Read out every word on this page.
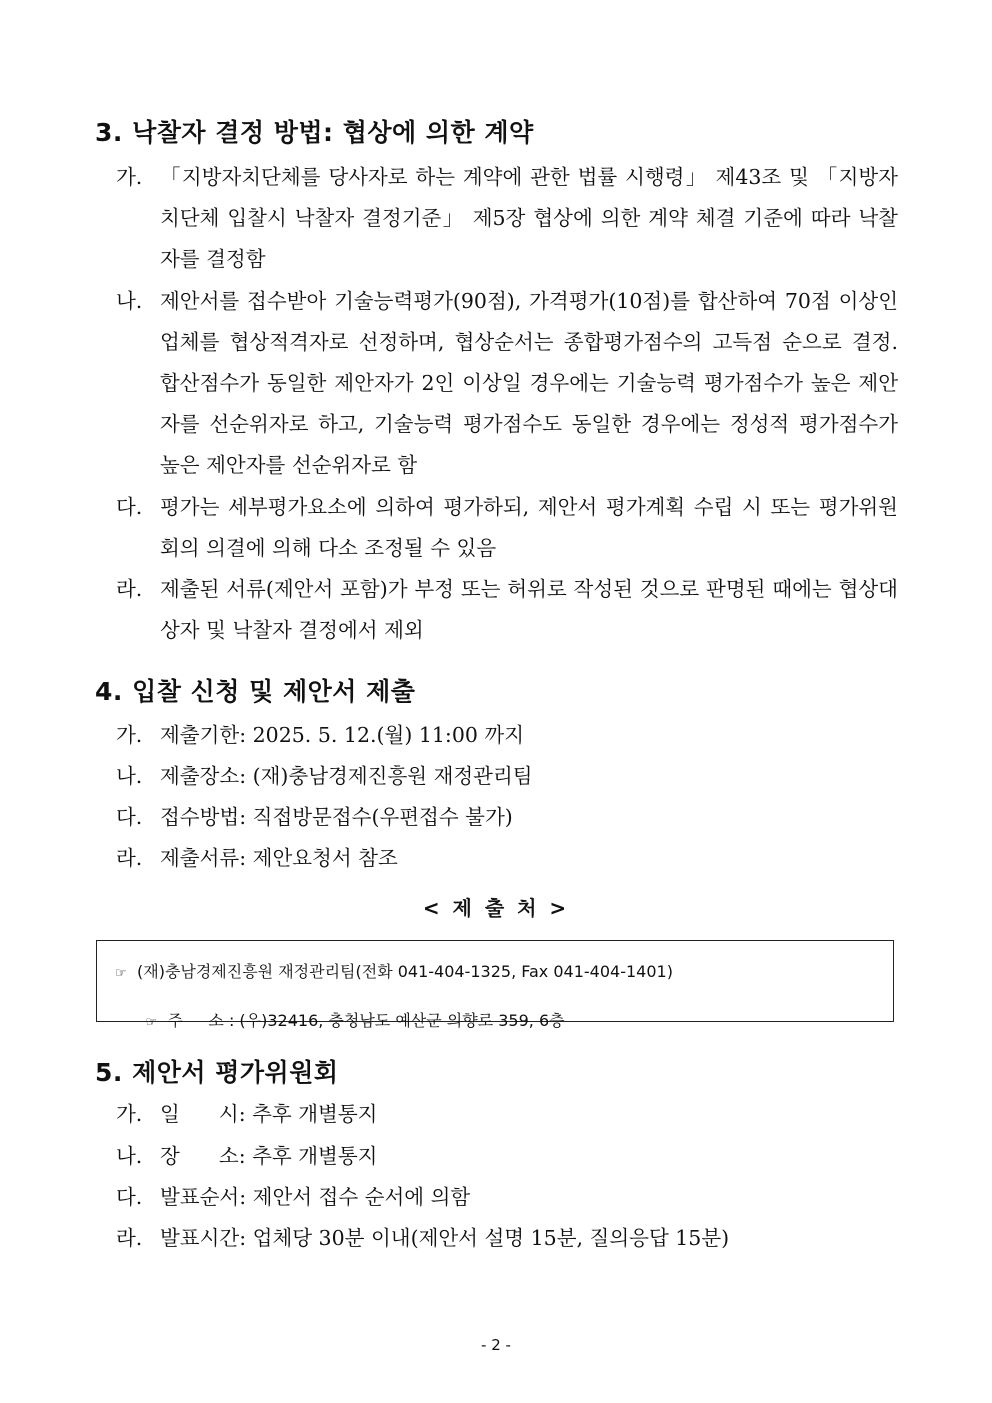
3. 낙찰자 결정 방법: 협상에 의한 계약
가. 「지방자치단체를 당사자로 하는 계약에 관한 법률 시행령」 제43조 및 「지방자치단체 입찰시 낙찰자 결정기준」 제5장 협상에 의한 계약 체결 기준에 따라 낙찰자를 결정함
나. 제안서를 접수받아 기술능력평가(90점), 가격평가(10점)를 합산하여 70점 이상인 업체를 협상적격자로 선정하며, 협상순서는 종합평가점수의 고득점 순으로 결정. 합산점수가 동일한 제안자가 2인 이상일 경우에는 기술능력 평가점수가 높은 제안자를 선순위자로 하고, 기술능력 평가점수도 동일한 경우에는 정성적 평가점수가 높은 제안자를 선순위자로 함
다. 평가는 세부평가요소에 의하여 평가하되, 제안서 평가계획 수립 시 또는 평가위원회의 의결에 의해 다소 조정될 수 있음
라. 제출된 서류(제안서 포함)가 부정 또는 허위로 작성된 것으로 판명된 때에는 협상대상자 및 낙찰자 결정에서 제외
4. 입찰 신청 및 제안서 제출
가. 제출기한: 2025. 5. 12.(월) 11:00 까지
나. 제출장소: (재)충남경제진흥원 재정관리팀
다. 접수방법: 직접방문접수(우편접수 불가)
라. 제출서류: 제안요청서 참조
< 제 출 처 >
☞ (재)충남경제진흥원 재정관리팀(전화 041-404-1325, Fax 041-404-1401)

☞ 주     소 : (우)32416, 충청남도 예산군 의향로 359, 6층

5. 제안서 평가위원회
가. 일      시: 추후 개별통지
나. 장      소: 추후 개별통지
다. 발표순서: 제안서 접수 순서에 의함
라. 발표시간: 업체당 30분 이내(제안서 설명 15분, 질의응답 15분)
- 2 -
